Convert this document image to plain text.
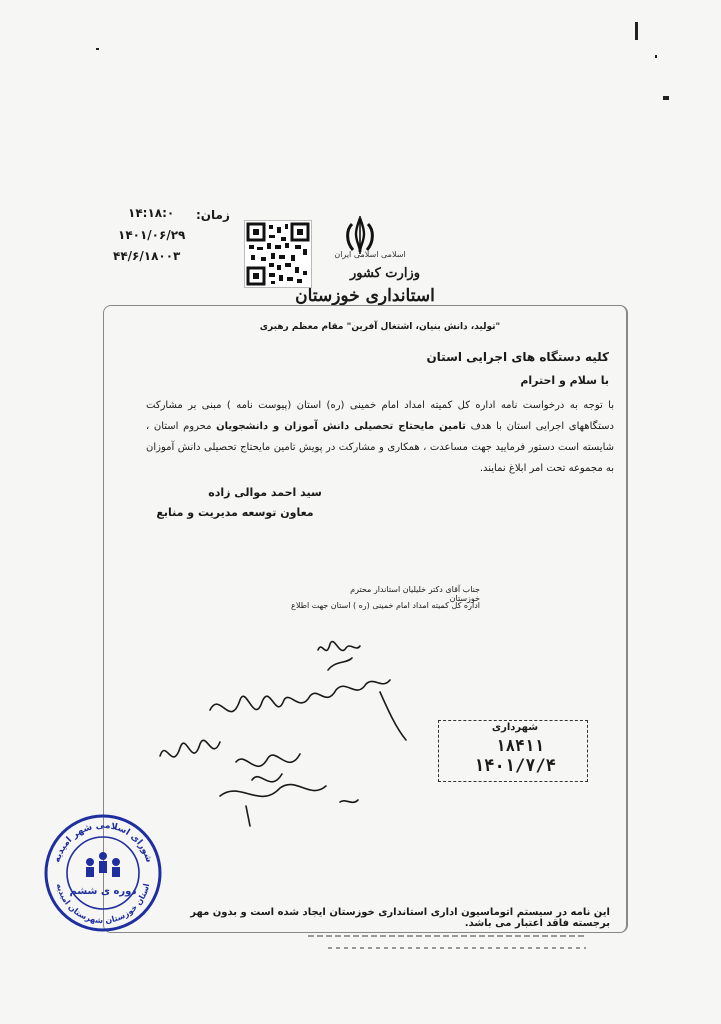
اسلامی اسلامی ایران
وزارت کشور
استانداری خوزستان
زمان:
۱۴:۱۸:۰
۱۴۰۱/۰۶/۲۹
۴۴/۶/۱۸۰۰۳
"تولید، دانش بنیان، اشتغال آفرین" مقام معظم رهبری
کلیه دستگاه های اجرایی استان
با سلام و احترام
با توجه به درخواست نامه اداره کل کمیته امداد امام خمینی (ره) استان (پیوست نامه ) مبنی بر مشارکت دستگاههای اجرایی استان با هدف تامین مایحتاج تحصیلی دانش آموزان و دانشجویان محروم استان ، شایسته است دستور فرمایید جهت مساعدت ، همکاری و مشارکت در پویش تامین مایحتاج تحصیلی دانش آموزان به مجموعه تحت امر ابلاغ نمایند.
سید احمد موالی زاده
معاون توسعه مدیریت و منابع
جناب آقای دکتر خلیلیان استاندار محترم خوزستان
اداره کل کمیته امداد امام خمینی (ره ) استان جهت اطلاع
شهرداری
۱۸۴۱۱
۱۴۰۱/۷/۴
شورای اسلامی شهر امیدیه
استان خوزستان شهرستان امیدیه
دوره ی ششم
این نامه در سیستم اتوماسیون اداری استانداری خوزستان ایجاد شده است و بدون مهر برجسته فاقد اعتبار می باشد.
